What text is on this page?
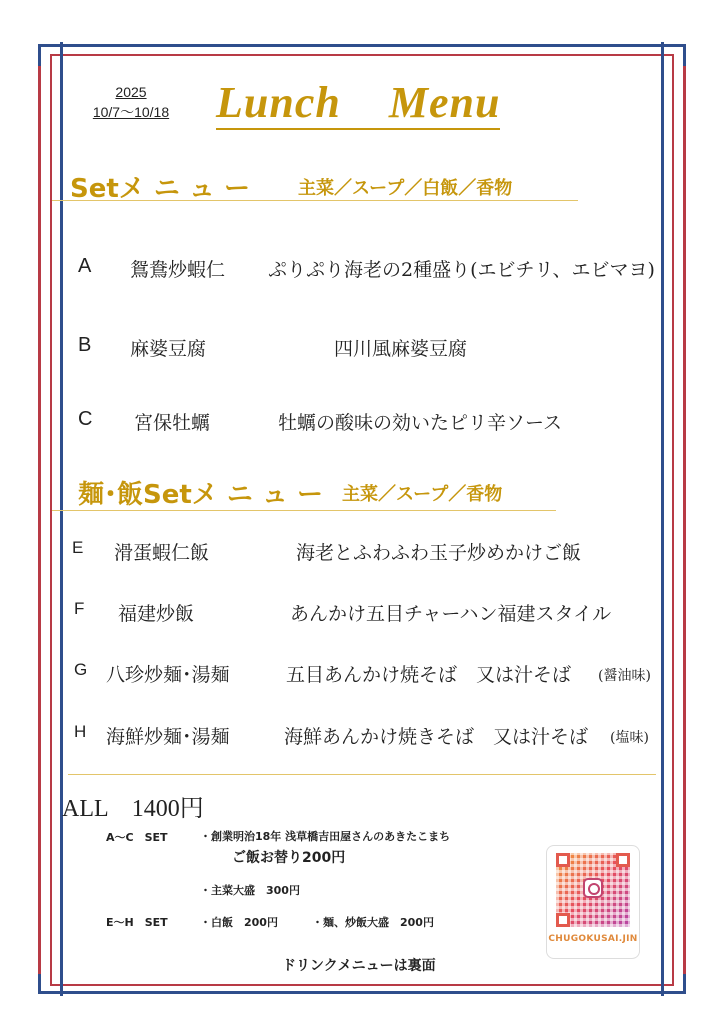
2025
10/7～10/18	Lunch    Menu
Setメ ニ ュ ー	主菜／スープ／白飯／香物
A 鴛鴦炒蝦仁 ぷりぷり海老の2種盛り(エビチリ、エビマヨ)
B 麻婆豆腐	四川風麻婆豆腐
C 宮保牡蠣	牡蠣の酸味の効いたピリ辛ソース
麺･飯Setメ ニ ュ ー 主菜／スープ／香物
E 滑蛋蝦仁飯	海老とふわふわ玉子炒めかけご飯
F 福建炒飯	あんかけ五目チャーハン福建スタイル
G 八珍炒麺･湯麺	五目あんかけ焼そば　又は汁そば (醤油味)
H 海鮮炒麺･湯麺	海鮮あんかけ焼きそば　又は汁そば (塩味)
ALL　1400円
A～C　SET	・創業明治18年 浅草橋吉田屋さんのあきたこまち
ご飯お替り200円
・主菜大盛　300円
E～H　SET	・白飯　200円	・麺、炒飯大盛　200円
ドリンクメニューは裏面
CHUGOKUSAI.JIN
